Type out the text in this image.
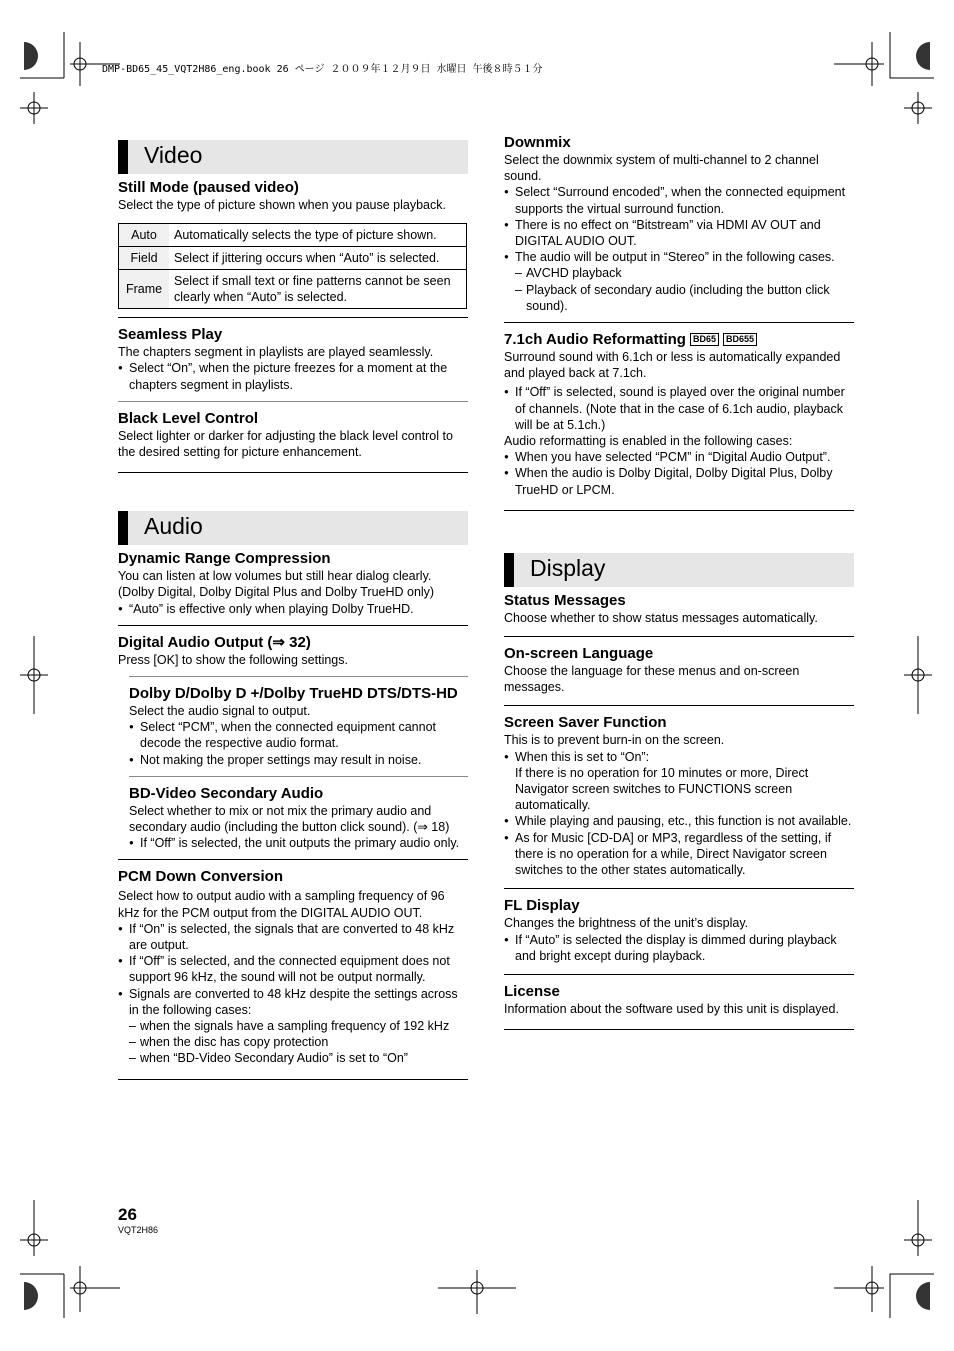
DMP-BD65_45_VQT2H86_eng.book 26 ページ ２００９年１２月９日 水曜日 午後８時５１分
Video

Still Mode (paused video)

Select the type of picture shown when you pause playback.

Auto	Automatically selects the type of picture shown.
Field	Select if jittering occurs when “Auto” is selected.
Frame	Select if small text or fine patterns cannot be seen clearly when “Auto” is selected.

Seamless Play

The chapters segment in playlists are played seamlessly.

● Select “On”, when the picture freezes for a moment at the chapters segment in playlists.

Black Level Control

Select lighter or darker for adjusting the black level control to the desired setting for picture enhancement.

Audio

Dynamic Range Compression

You can listen at low volumes but still hear dialog clearly. (Dolby Digital, Dolby Digital Plus and Dolby TrueHD only)

● “Auto” is effective only when playing Dolby TrueHD.

Digital Audio Output (⇒ 32)

Press [OK] to show the following settings.

Dolby D/Dolby D +/Dolby TrueHD DTS/DTS-HD

Select the audio signal to output.

● Select “PCM”, when the connected equipment cannot decode the respective audio format.
● Not making the proper settings may result in noise.

BD-Video Secondary Audio

Select whether to mix or not mix the primary audio and secondary audio (including the button click sound). (⇒ 18)

● If “Off” is selected, the unit outputs the primary audio only.

PCM Down Conversion

Select how to output audio with a sampling frequency of 96 kHz for the PCM output from the DIGITAL AUDIO OUT.

● If “On” is selected, the signals that are converted to 48 kHz are output.
● If “Off” is selected, and the connected equipment does not support 96 kHz, the sound will not be output normally.
● Signals are converted to 48 kHz despite the settings across in the following cases:
– when the signals have a sampling frequency of 192 kHz
– when the disc has copy protection
– when “BD-Video Secondary Audio” is set to “On”

Downmix

Select the downmix system of multi-channel to 2 channel sound.

● Select “Surround encoded”, when the connected equipment supports the virtual surround function.
● There is no effect on “Bitstream” via HDMI AV OUT and DIGITAL AUDIO OUT.
● The audio will be output in “Stereo” in the following cases.
– AVCHD playback
– Playback of secondary audio (including the button click sound).

7.1ch Audio Reformatting BD65 BD655

Surround sound with 6.1ch or less is automatically expanded and played back at 7.1ch.

● If “Off” is selected, sound is played over the original number of channels. (Note that in the case of 6.1ch audio, playback will be at 5.1ch.)

Audio reformatting is enabled in the following cases:

● When you have selected “PCM” in “Digital Audio Output”.
● When the audio is Dolby Digital, Dolby Digital Plus, Dolby TrueHD or LPCM.
Display

Status Messages

Choose whether to show status messages automatically.

On-screen Language

Choose the language for these menus and on-screen messages.

Screen Saver Function

This is to prevent burn-in on the screen.

● When this is set to “On”:
If there is no operation for 10 minutes or more, Direct Navigator screen switches to FUNCTIONS screen automatically.
● While playing and pausing, etc., this function is not available.
● As for Music [CD-DA] or MP3, regardless of the setting, if there is no operation for a while, Direct Navigator screen switches to the other states automatically.

FL Display

Changes the brightness of the unit’s display.

● If “Auto” is selected the display is dimmed during playback and bright except during playback.

License

Information about the software used by this unit is displayed.

26
VQT2H86
